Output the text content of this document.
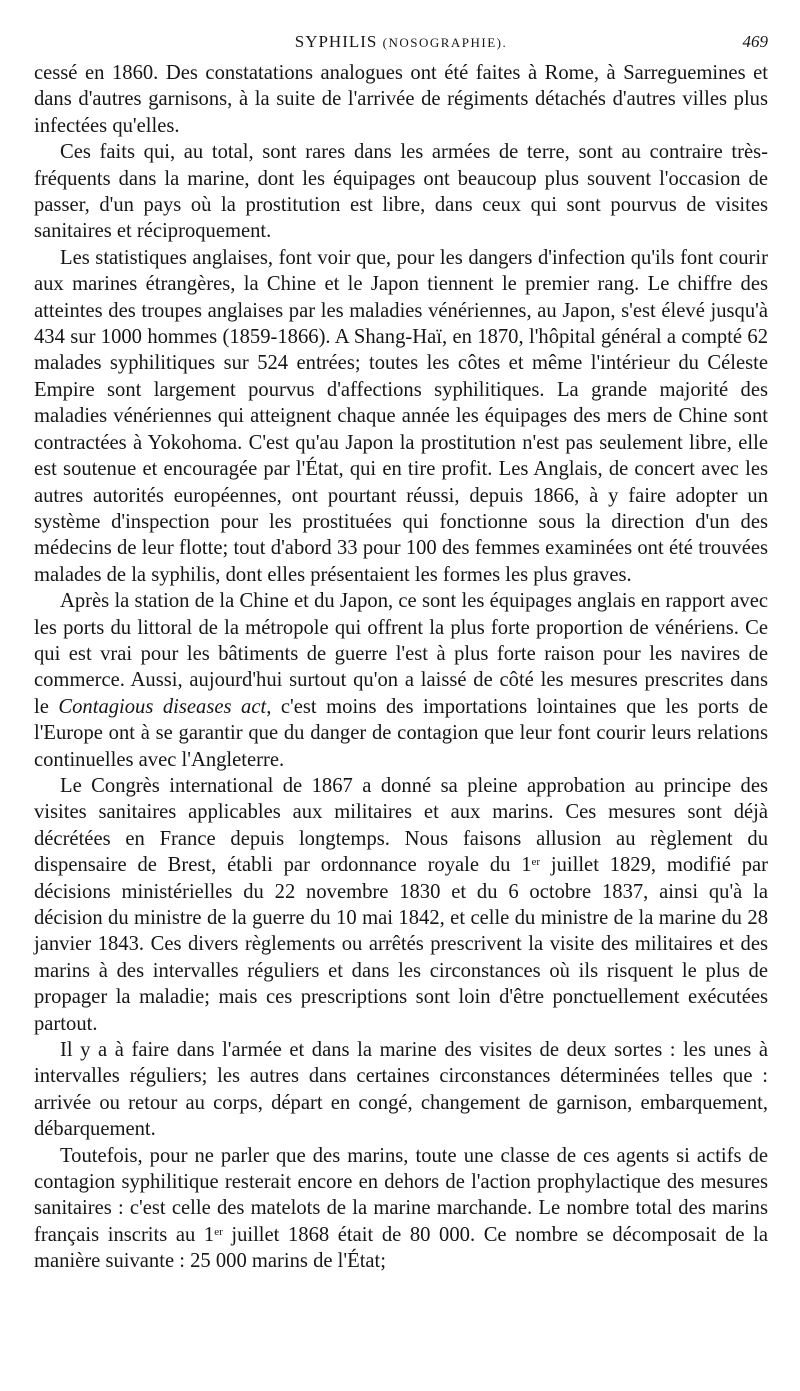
SYPHILIS (NOSOGRAPHIE).	469

cessé en 1860. Des constatations analogues ont été faites à Rome, à Sarreguemines et dans d'autres garnisons, à la suite de l'arrivée de régiments détachés d'autres villes plus infectées qu'elles.

Ces faits qui, au total, sont rares dans les armées de terre, sont au contraire très-fréquents dans la marine, dont les équipages ont beaucoup plus souvent l'occasion de passer, d'un pays où la prostitution est libre, dans ceux qui sont pourvus de visites sanitaires et réciproquement.

Les statistiques anglaises, font voir que, pour les dangers d'infection qu'ils font courir aux marines étrangères, la Chine et le Japon tiennent le premier rang. Le chiffre des atteintes des troupes anglaises par les maladies vénériennes, au Japon, s'est élevé jusqu'à 434 sur 1000 hommes (1859-1866). A Shang-Haï, en 1870, l'hôpital général a compté 62 malades syphilitiques sur 524 entrées; toutes les côtes et même l'intérieur du Céleste Empire sont largement pourvus d'affections syphilitiques. La grande majorité des maladies vénériennes qui atteignent chaque année les équipages des mers de Chine sont contractées à Yokohoma. C'est qu'au Japon la prostitution n'est pas seulement libre, elle est soutenue et encouragée par l'État, qui en tire profit. Les Anglais, de concert avec les autres autorités européennes, ont pourtant réussi, depuis 1866, à y faire adopter un système d'inspection pour les prostituées qui fonctionne sous la direction d'un des médecins de leur flotte; tout d'abord 33 pour 100 des femmes examinées ont été trouvées malades de la syphilis, dont elles présentaient les formes les plus graves.

Après la station de la Chine et du Japon, ce sont les équipages anglais en rapport avec les ports du littoral de la métropole qui offrent la plus forte proportion de vénériens. Ce qui est vrai pour les bâtiments de guerre l'est à plus forte raison pour les navires de commerce. Aussi, aujourd'hui surtout qu'on a laissé de côté les mesures prescrites dans le Contagious diseases act, c'est moins des importations lointaines que les ports de l'Europe ont à se garantir que du danger de contagion que leur font courir leurs relations continuelles avec l'Angleterre.

Le Congrès international de 1867 a donné sa pleine approbation au principe des visites sanitaires applicables aux militaires et aux marins. Ces mesures sont déjà décrétées en France depuis longtemps. Nous faisons allusion au règlement du dispensaire de Brest, établi par ordonnance royale du 1er juillet 1829, modifié par décisions ministérielles du 22 novembre 1830 et du 6 octobre 1837, ainsi qu'à la décision du ministre de la guerre du 10 mai 1842, et celle du ministre de la marine du 28 janvier 1843. Ces divers règlements ou arrêtés prescrivent la visite des militaires et des marins à des intervalles réguliers et dans les circonstances où ils risquent le plus de propager la maladie; mais ces prescriptions sont loin d'être ponctuellement exécutées partout.

Il y a à faire dans l'armée et dans la marine des visites de deux sortes : les unes à intervalles réguliers; les autres dans certaines circonstances déterminées telles que : arrivée ou retour au corps, départ en congé, changement de garnison, embarquement, débarquement.

Toutefois, pour ne parler que des marins, toute une classe de ces agents si actifs de contagion syphilitique resterait encore en dehors de l'action prophylactique des mesures sanitaires : c'est celle des matelots de la marine marchande. Le nombre total des marins français inscrits au 1er juillet 1868 était de 80 000. Ce nombre se décomposait de la manière suivante : 25 000 marins de l'État;
